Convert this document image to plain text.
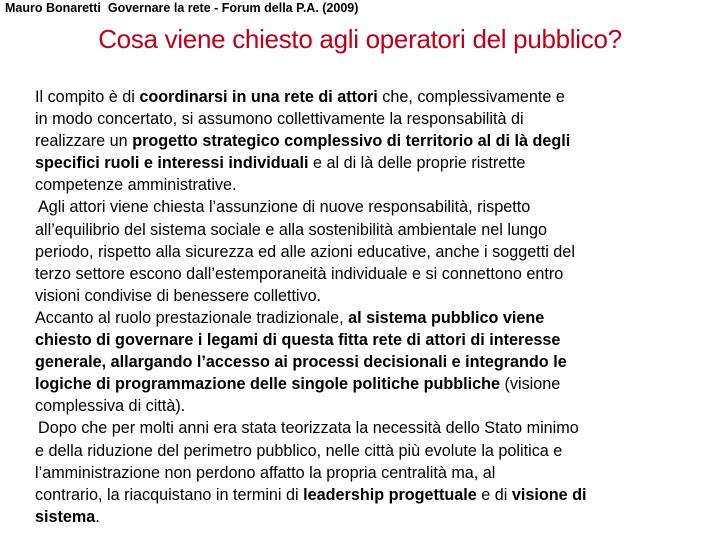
Mauro Bonaretti Governare la rete - Forum della P.A. (2009)
Cosa viene chiesto agli operatori del pubblico?
Il compito è di coordinarsi in una rete di attori che, complessivamente e
in modo concertato, si assumono collettivamente la responsabilità di
realizzare un progetto strategico complessivo di territorio al di là degli
specifici ruoli e interessi individuali e al di là delle proprie ristrette
competenze amministrative.
Agli attori viene chiesta l’assunzione di nuove responsabilità, rispetto
all’equilibrio del sistema sociale e alla sostenibilità ambientale nel lungo
periodo, rispetto alla sicurezza ed alle azioni educative, anche i soggetti del
terzo settore escono dall’estemporaneità individuale e si connettono entro
visioni condivise di benessere collettivo.
Accanto al ruolo prestazionale tradizionale, al sistema pubblico viene
chiesto di governare i legami di questa fitta rete di attori di interesse
generale, allargando l’accesso ai processi decisionali e integrando le
logiche di programmazione delle singole politiche pubbliche (visione
complessiva di città).
Dopo che per molti anni era stata teorizzata la necessità dello Stato minimo
e della riduzione del perimetro pubblico, nelle città più evolute la politica e
l’amministrazione non perdono affatto la propria centralità ma, al
contrario, la riacquistano in termini di leadership progettuale e di visione di
sistema.
